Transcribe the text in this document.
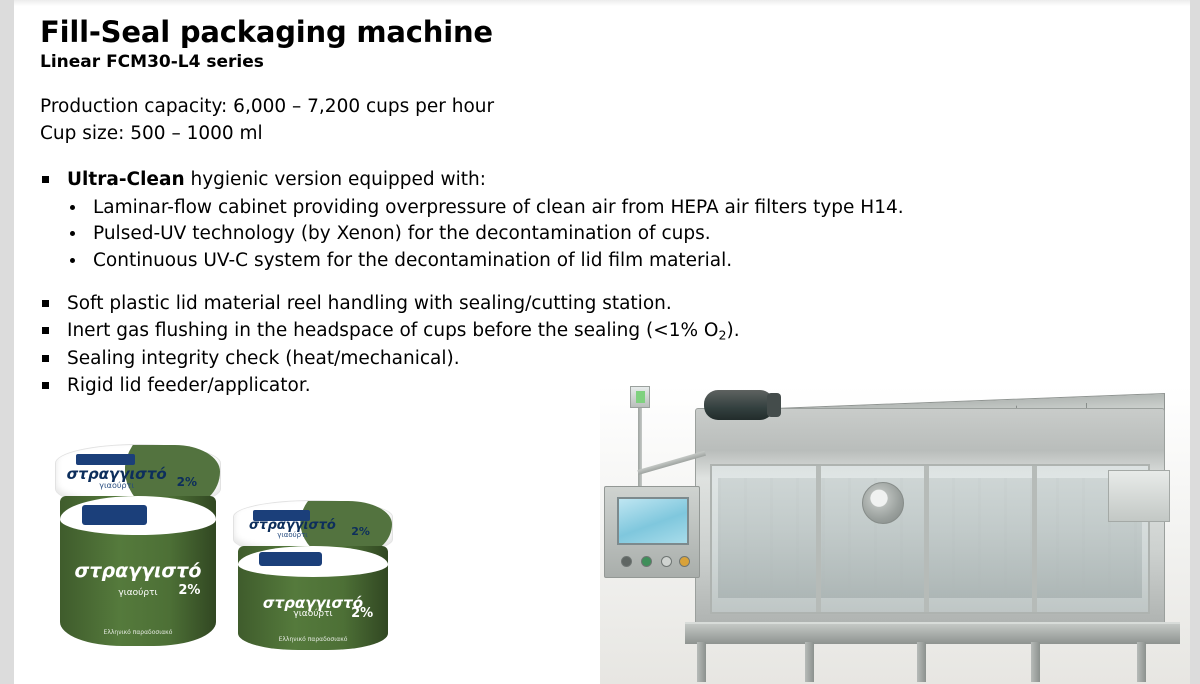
Fill-Seal packaging machine
Linear FCM30-L4 series
Production capacity: 6,000 – 7,200 cups per hour
Cup size: 500 – 1000 ml
Ultra-Clean hygienic version equipped with:
Laminar-flow cabinet providing overpressure of clean air from HEPA air filters type H14.
Pulsed-UV technology (by Xenon) for the decontamination of cups.
Continuous UV-C system for the decontamination of lid film material.
Soft plastic lid material reel handling with sealing/cutting station.
Inert gas flushing in the headspace of cups before the sealing (<1% $O_2$).
Sealing integrity check (heat/mechanical).
Rigid lid feeder/applicator.
στραγγιστό
γιαούρτι	2%
στραγγιστό
γιαούρτι	2%
Ελληνικό παραδοσιακό
στραγγιστό
γιαούρτι	2%
στραγγιστό
γιαούρτι	2%
Ελληνικό παραδοσιακό
